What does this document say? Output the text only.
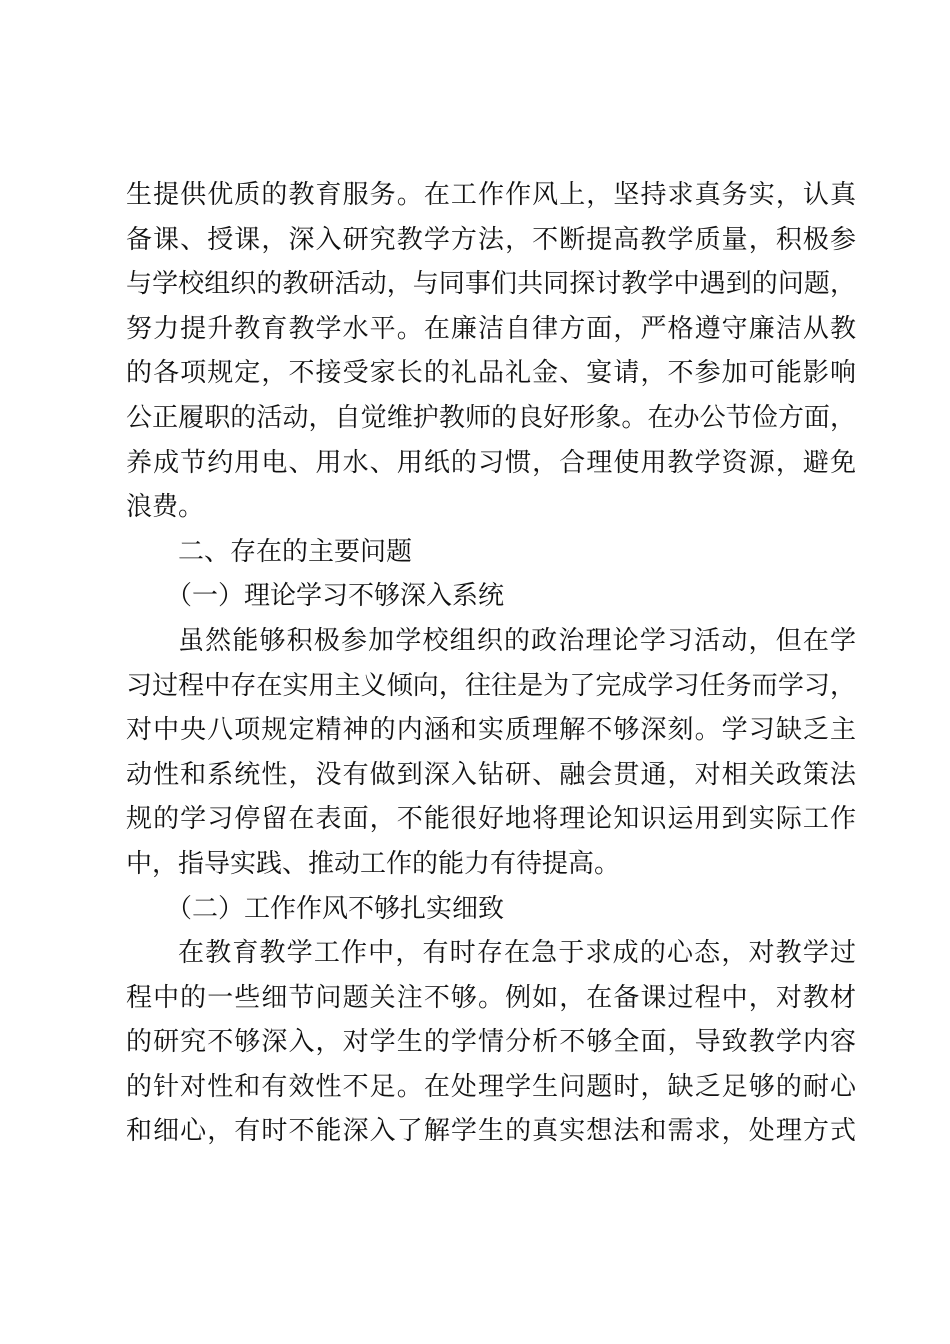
生提供优质的教育服务。在工作作风上，坚持求真务实，认真
备课、授课，深入研究教学方法，不断提高教学质量，积极参
与学校组织的教研活动，与同事们共同探讨教学中遇到的问题，
努力提升教育教学水平。在廉洁自律方面，严格遵守廉洁从教
的各项规定，不接受家长的礼品礼金、宴请，不参加可能影响
公正履职的活动，自觉维护教师的良好形象。在办公节俭方面，
养成节约用电、用水、用纸的习惯，合理使用教学资源，避免
浪费。
二、存在的主要问题
（一）理论学习不够深入系统
虽然能够积极参加学校组织的政治理论学习活动，但在学
习过程中存在实用主义倾向，往往是为了完成学习任务而学习，
对中央八项规定精神的内涵和实质理解不够深刻。学习缺乏主
动性和系统性，没有做到深入钻研、融会贯通，对相关政策法
规的学习停留在表面，不能很好地将理论知识运用到实际工作
中，指导实践、推动工作的能力有待提高。
（二）工作作风不够扎实细致
在教育教学工作中，有时存在急于求成的心态，对教学过
程中的一些细节问题关注不够。例如，在备课过程中，对教材
的研究不够深入，对学生的学情分析不够全面，导致教学内容
的针对性和有效性不足。在处理学生问题时，缺乏足够的耐心
和细心，有时不能深入了解学生的真实想法和需求，处理方式
